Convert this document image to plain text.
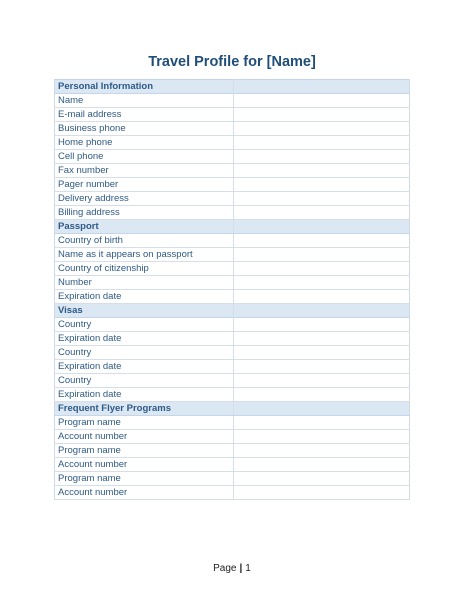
Travel Profile for [Name]
Personal Information	
Name	
E-mail address	
Business phone	
Home phone	
Cell phone	
Fax number	
Pager number	
Delivery address	
Billing address	
Passport	
Country of birth	
Name as it appears on passport	
Country of citizenship	
Number	
Expiration date	
Visas	
Country	
Expiration date	
Country	
Expiration date	
Country	
Expiration date	
Frequent Flyer Programs	
Program name	
Account number	
Program name	
Account number	
Program name	
Account number	
Page | 1
